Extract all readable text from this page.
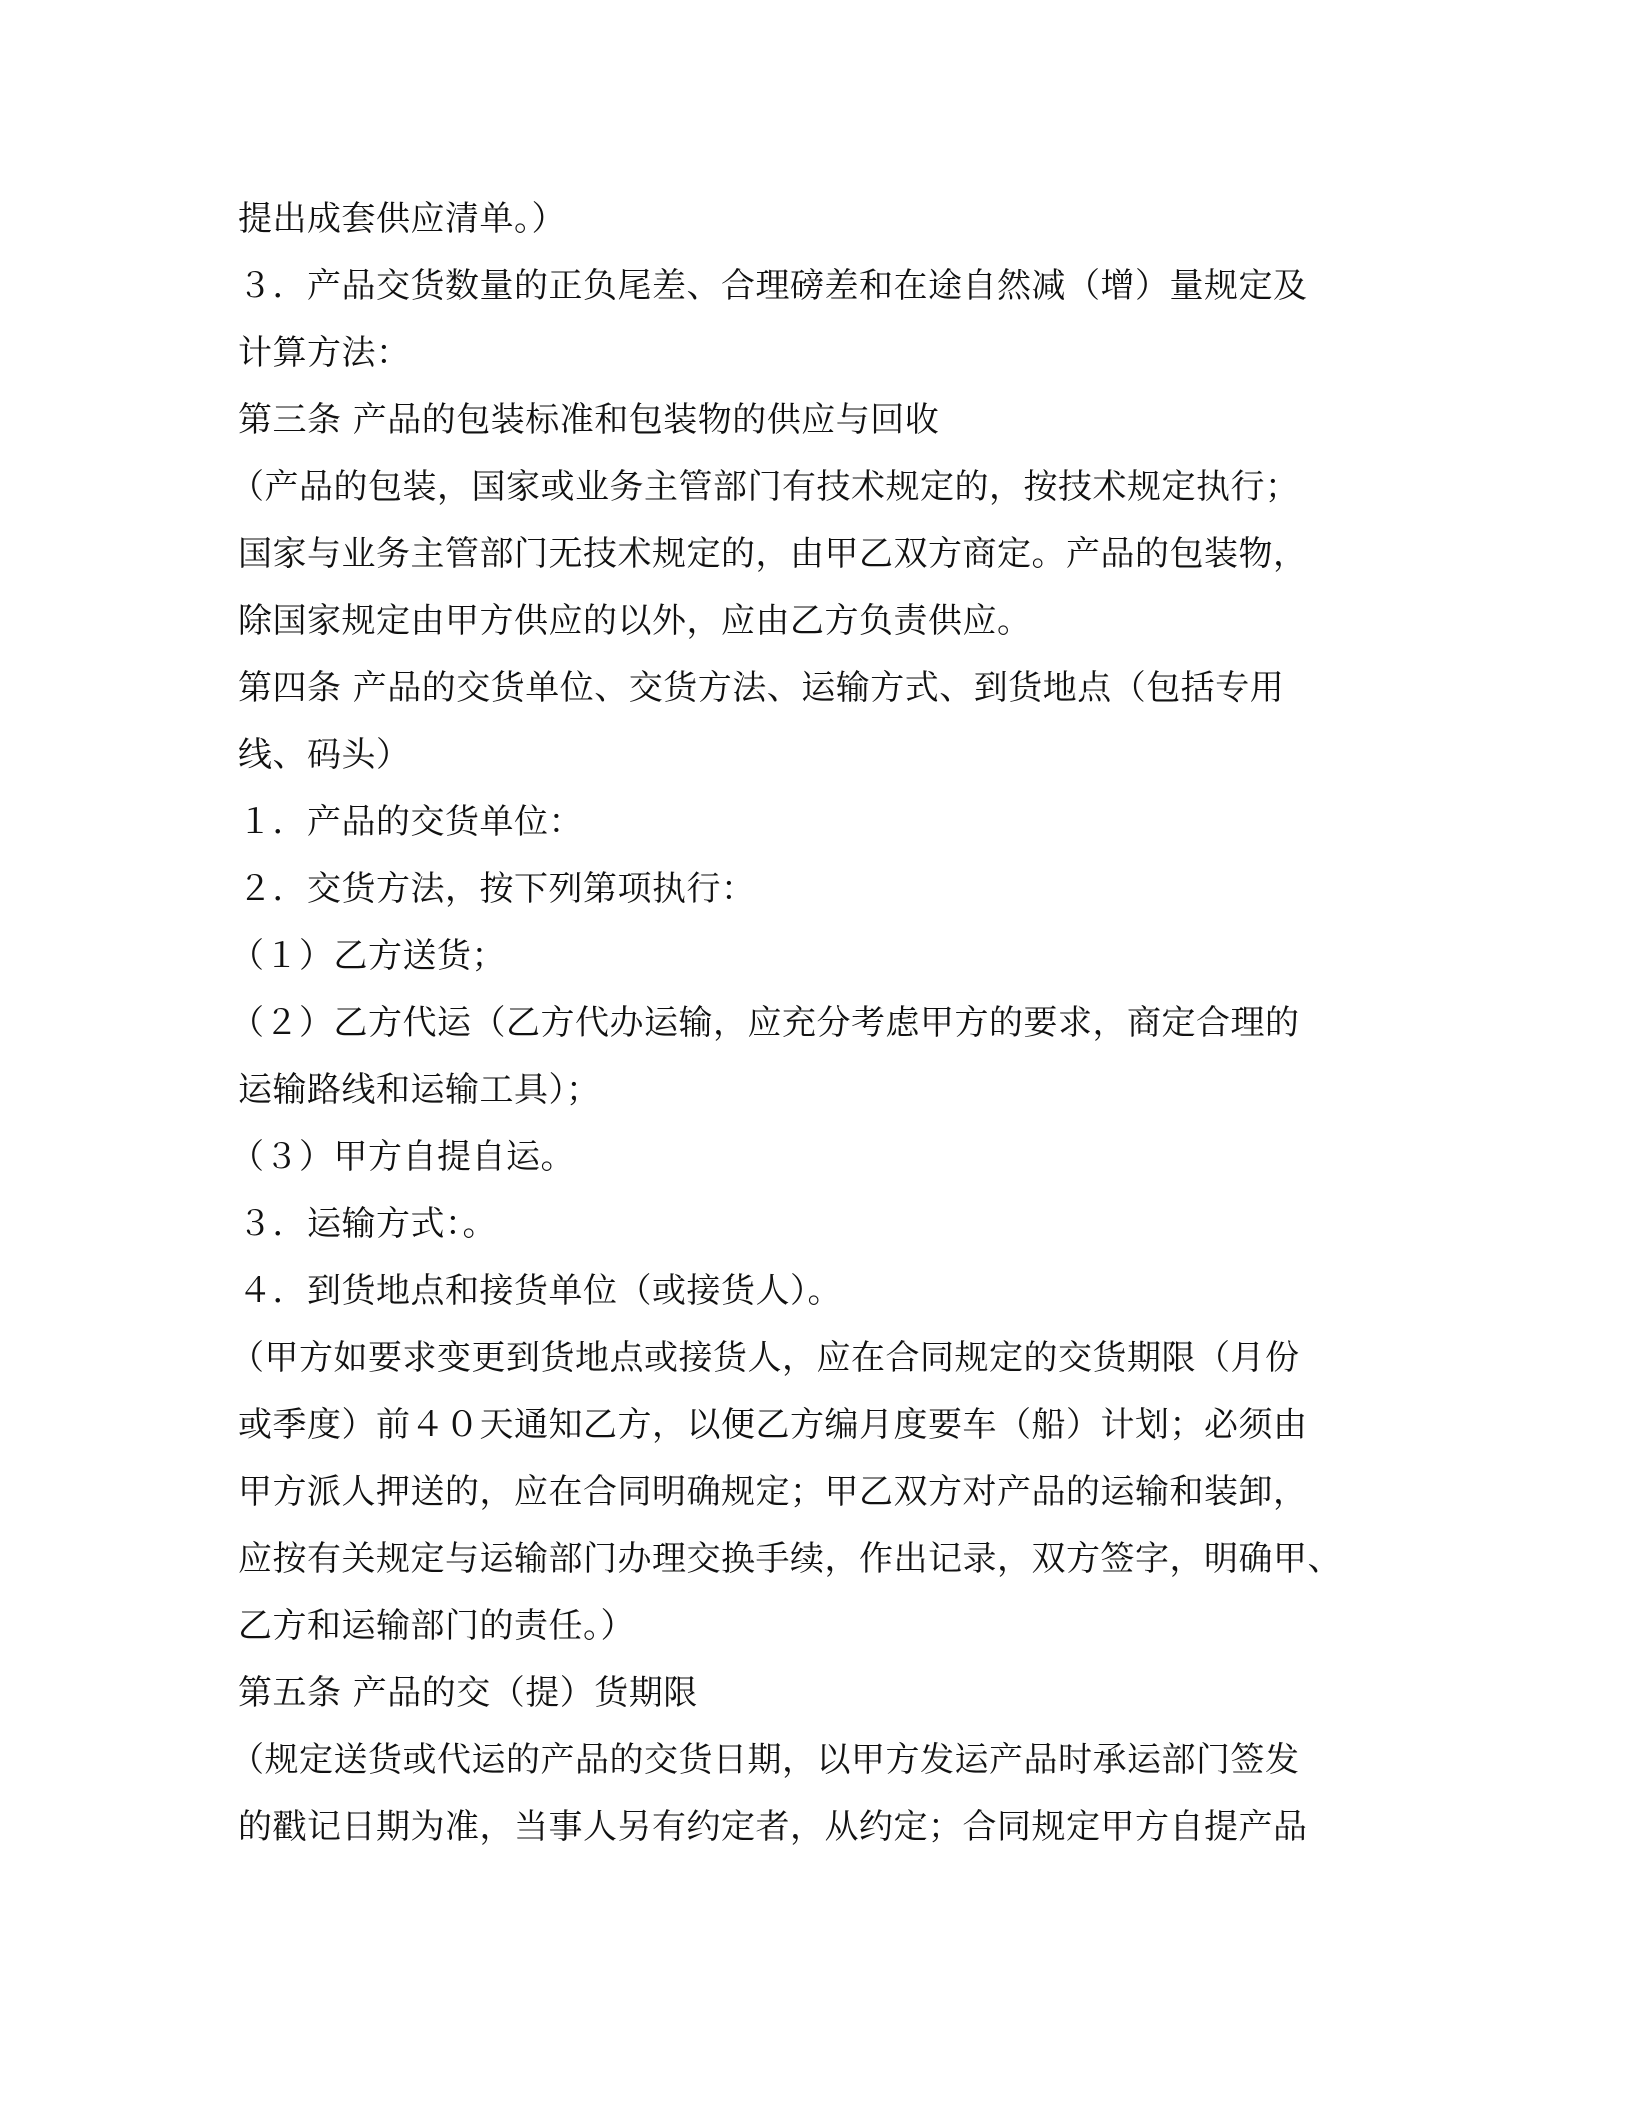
提出成套供应清单。）
３．产品交货数量的正负尾差、合理磅差和在途自然减（增）量规定及
计算方法：
第三条 产品的包装标准和包装物的供应与回收
（产品的包装，国家或业务主管部门有技术规定的，按技术规定执行；
国家与业务主管部门无技术规定的，由甲乙双方商定。产品的包装物，
除国家规定由甲方供应的以外，应由乙方负责供应。
第四条 产品的交货单位、交货方法、运输方式、到货地点（包括专用
线、码头）
１．产品的交货单位：
２．交货方法，按下列第项执行：
（１）乙方送货；
（２）乙方代运（乙方代办运输，应充分考虑甲方的要求，商定合理的
运输路线和运输工具）；
（３）甲方自提自运。
３．运输方式：。
４．到货地点和接货单位（或接货人）。
（甲方如要求变更到货地点或接货人，应在合同规定的交货期限（月份
或季度）前４０天通知乙方，以便乙方编月度要车（船）计划；必须由
甲方派人押送的，应在合同明确规定；甲乙双方对产品的运输和装卸，
应按有关规定与运输部门办理交换手续，作出记录，双方签字，明确甲、
乙方和运输部门的责任。）
第五条 产品的交（提）货期限
（规定送货或代运的产品的交货日期，以甲方发运产品时承运部门签发
的戳记日期为准，当事人另有约定者，从约定；合同规定甲方自提产品
